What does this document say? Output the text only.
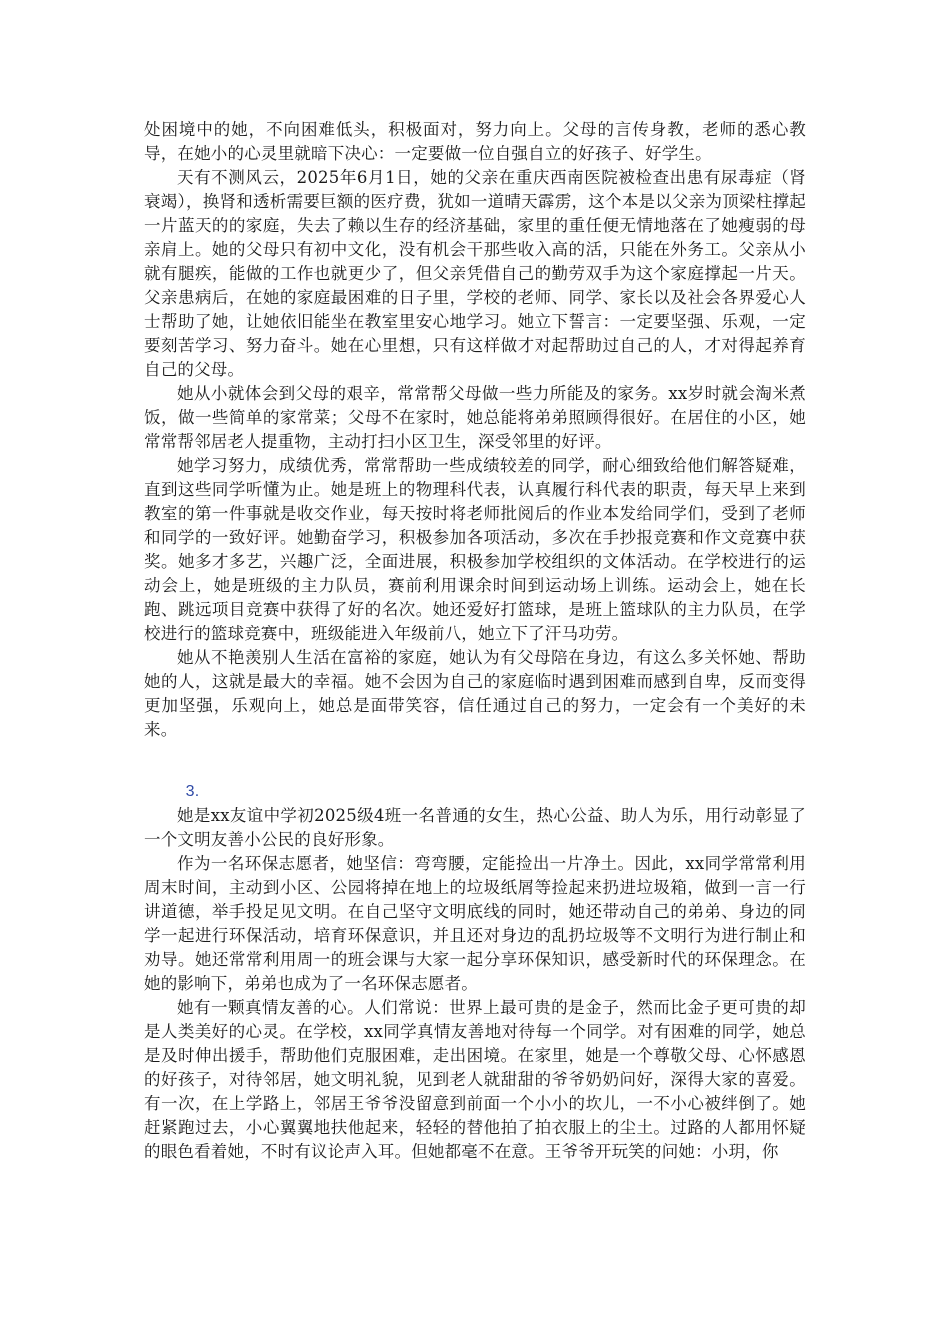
处困境中的她，不向困难低头，积极面对，努力向上。父母的言传身教，老师的悉心教导，在她小的心灵里就暗下决心：一定要做一位自强自立的好孩子、好学生。

天有不测风云，2025年6月1日，她的父亲在重庆西南医院被检查出患有尿毒症（肾衰竭），换肾和透析需要巨额的医疗费，犹如一道晴天霹雳，这个本是以父亲为顶梁柱撑起一片蓝天的的家庭，失去了赖以生存的经济基础，家里的重任便无情地落在了她瘦弱的母亲肩上。她的父母只有初中文化，没有机会干那些收入高的活，只能在外务工。父亲从小就有腿疾，能做的工作也就更少了，但父亲凭借自己的勤劳双手为这个家庭撑起一片天。父亲患病后，在她的家庭最困难的日子里，学校的老师、同学、家长以及社会各界爱心人士帮助了她，让她依旧能坐在教室里安心地学习。她立下誓言：一定要坚强、乐观，一定要刻苦学习、努力奋斗。她在心里想，只有这样做才对起帮助过自己的人，才对得起养育自己的父母。

她从小就体会到父母的艰辛，常常帮父母做一些力所能及的家务。xx岁时就会淘米煮饭，做一些简单的家常菜；父母不在家时，她总能将弟弟照顾得很好。在居住的小区，她常常帮邻居老人提重物，主动打扫小区卫生，深受邻里的好评。

她学习努力，成绩优秀，常常帮助一些成绩较差的同学，耐心细致给他们解答疑难，直到这些同学听懂为止。她是班上的物理科代表，认真履行科代表的职责，每天早上来到教室的第一件事就是收交作业，每天按时将老师批阅后的作业本发给同学们，受到了老师和同学的一致好评。她勤奋学习，积极参加各项活动，多次在手抄报竞赛和作文竞赛中获奖。她多才多艺，兴趣广泛，全面进展，积极参加学校组织的文体活动。在学校进行的运动会上，她是班级的主力队员，赛前利用课余时间到运动场上训练。运动会上，她在长跑、跳远项目竞赛中获得了好的名次。她还爱好打篮球，是班上篮球队的主力队员，在学校进行的篮球竞赛中，班级能进入年级前八，她立下了汗马功劳。

她从不艳羡别人生活在富裕的家庭，她认为有父母陪在身边，有这么多关怀她、帮助她的人，这就是最大的幸福。她不会因为自己的家庭临时遇到困难而感到自卑，反而变得更加坚强，乐观向上，她总是面带笑容，信任通过自己的努力，一定会有一个美好的未来。

3.

她是xx友谊中学初2025级4班一名普通的女生，热心公益、助人为乐，用行动彰显了一个文明友善小公民的良好形象。

作为一名环保志愿者，她坚信：弯弯腰，定能捡出一片净土。因此，xx同学常常利用周末时间，主动到小区、公园将掉在地上的垃圾纸屑等捡起来扔进垃圾箱，做到一言一行讲道德，举手投足见文明。在自己坚守文明底线的同时，她还带动自己的弟弟、身边的同学一起进行环保活动，培育环保意识，并且还对身边的乱扔垃圾等不文明行为进行制止和劝导。她还常常利用周一的班会课与大家一起分享环保知识，感受新时代的环保理念。在她的影响下，弟弟也成为了一名环保志愿者。

她有一颗真情友善的心。人们常说：世界上最可贵的是金子，然而比金子更可贵的却是人类美好的心灵。在学校，xx同学真情友善地对待每一个同学。对有困难的同学，她总是及时伸出援手，帮助他们克服困难，走出困境。在家里，她是一个尊敬父母、心怀感恩的好孩子，对待邻居，她文明礼貌，见到老人就甜甜的爷爷奶奶问好，深得大家的喜爱。有一次，在上学路上，邻居王爷爷没留意到前面一个小小的坎儿，一不小心被绊倒了。她赶紧跑过去，小心翼翼地扶他起来，轻轻的替他拍了拍衣服上的尘土。过路的人都用怀疑的眼色看着她，不时有议论声入耳。但她都毫不在意。王爷爷开玩笑的问她：小玥，你
